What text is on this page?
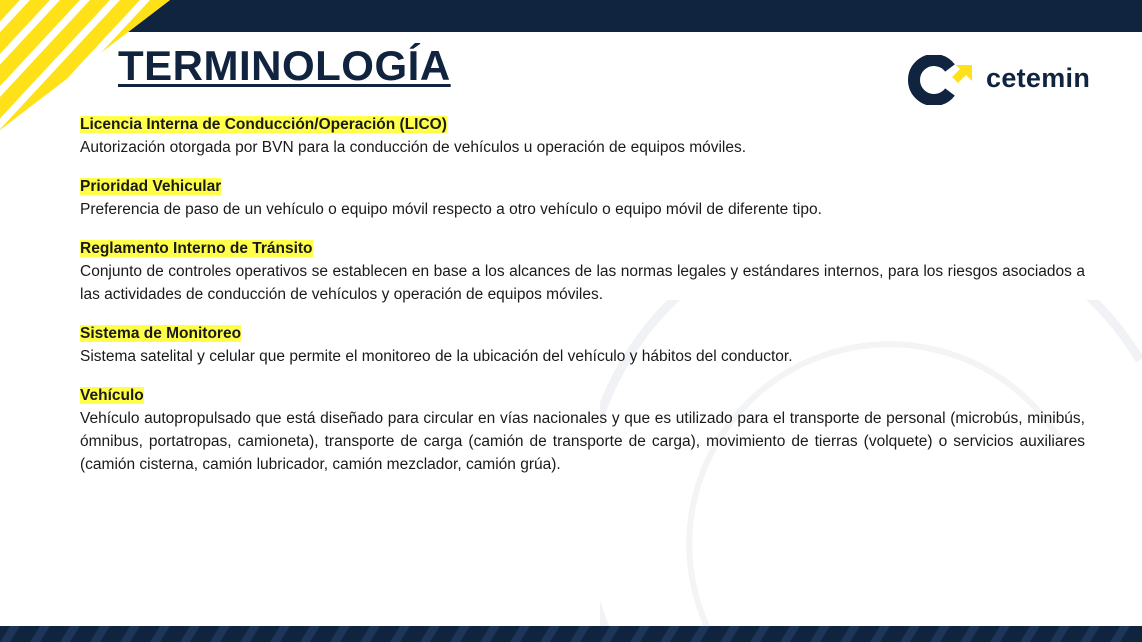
TERMINOLOGÍA	cetemin
Licencia Interna de Conducción/Operación (LICO)

Autorización otorgada por BVN para la conducción de vehículos u operación de equipos móviles.

Prioridad Vehicular

Preferencia de paso de un vehículo o equipo móvil respecto a otro vehículo o equipo móvil de diferente tipo.

Reglamento Interno de Tránsito

Conjunto de controles operativos se establecen en base a los alcances de las normas legales y estándares internos, para los riesgos asociados a las actividades de conducción de vehículos y operación de equipos móviles.

Sistema de Monitoreo

Sistema satelital y celular que permite el monitoreo de la ubicación del vehículo y hábitos del conductor.

Vehículo

Vehículo autopropulsado que está diseñado para circular en vías nacionales y que es utilizado para el transporte de personal (microbús, minibús, ómnibus, portatropas, camioneta), transporte de carga (camión de transporte de carga), movimiento de tierras (volquete) o servicios auxiliares (camión cisterna, camión lubricador, camión mezclador, camión grúa).
